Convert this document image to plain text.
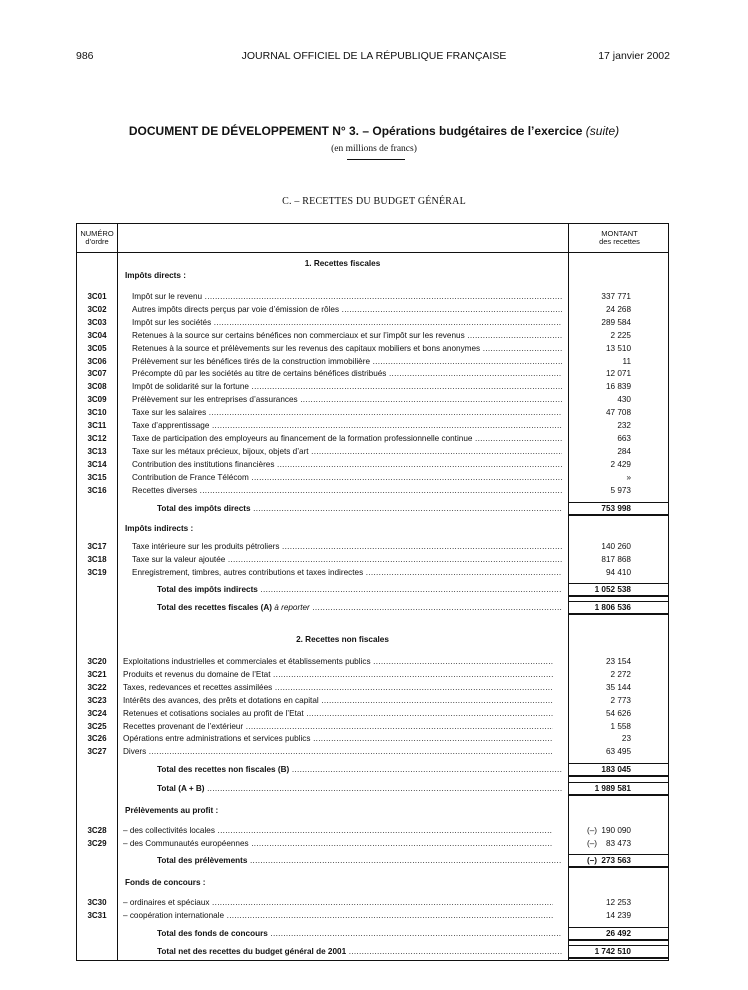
986	JOURNAL OFFICIEL DE LA RÉPUBLIQUE FRANÇAISE	17 janvier 2002
DOCUMENT DE DÉVELOPPEMENT N° 3. – Opérations budgétaires de l’exercice (suite)
(en millions de francs)
C. – RECETTES DU BUDGET GÉNÉRAL
NUMÉRO
d’ordre
MONTANT
des recettes
1. Recettes fiscales
Impôts directs :
3C01	Impôt sur le revenu .....	337 771
3C02	Autres impôts directs perçus par voie d’émission de rôles .....	24 268
3C03	Impôt sur les sociétés .....	289 584
3C04	Retenues à la source sur certains bénéfices non commerciaux et sur l’impôt sur les revenus .....	2 225
3C05	Retenues à la source et prélèvements sur les revenus des capitaux mobiliers et bons anonymes .....	13 510
3C06	Prélèvement sur les bénéfices tirés de la construction immobilière .....	11
3C07	Précompte dû par les sociétés au titre de certains bénéfices distribués .....	12 071
3C08	Impôt de solidarité sur la fortune .....	16 839
3C09	Prélèvement sur les entreprises d’assurances .....	430
3C10	Taxe sur les salaires .....	47 708
3C11	Taxe d’apprentissage .....	232
3C12	Taxe de participation des employeurs au financement de la formation professionnelle continue .....	663
3C13	Taxe sur les métaux précieux, bijoux, objets d’art .....	284
3C14	Contribution des institutions financières .....	2 429
3C15	Contribution de France Télécom .....	»
3C16	Recettes diverses .....	5 973
Total des impôts directs .....	753 998
Impôts indirects :
3C17	Taxe intérieure sur les produits pétroliers .....	140 260
3C18	Taxe sur la valeur ajoutée .....	817 868
3C19	Enregistrement, timbres, autres contributions et taxes indirectes .....	94 410
Total des impôts indirects .....	1 052 538
Total des recettes fiscales (A) à reporter .....	1 806 536
2. Recettes non fiscales
3C20	Exploitations industrielles et commerciales et établissements publics .....	23 154
3C21	Produits et revenus du domaine de l’Etat .....	2 272
3C22	Taxes, redevances et recettes assimilées .....	35 144
3C23	Intérêts des avances, des prêts et dotations en capital .....	2 773
3C24	Retenues et cotisations sociales au profit de l’Etat .....	54 626
3C25	Recettes provenant de l’extérieur .....	1 558
3C26	Opérations entre administrations et services publics .....	23
3C27	Divers .....	63 495
Total des recettes non fiscales (B) .....	183 045
Total (A + B) .....	1 989 581
Prélèvements au profit :
3C28	– des collectivités locales .....	(–) 190 090
3C29	– des Communautés européennes .....	(–)	83 473
Total des prélèvements .....	(–) 273 563
Fonds de concours :
3C30	– ordinaires et spéciaux .....	12 253
3C31	– coopération internationale .....	14 239
Total des fonds de concours .....	26 492
Total net des recettes du budget général de 2001 .....	1 742 510
